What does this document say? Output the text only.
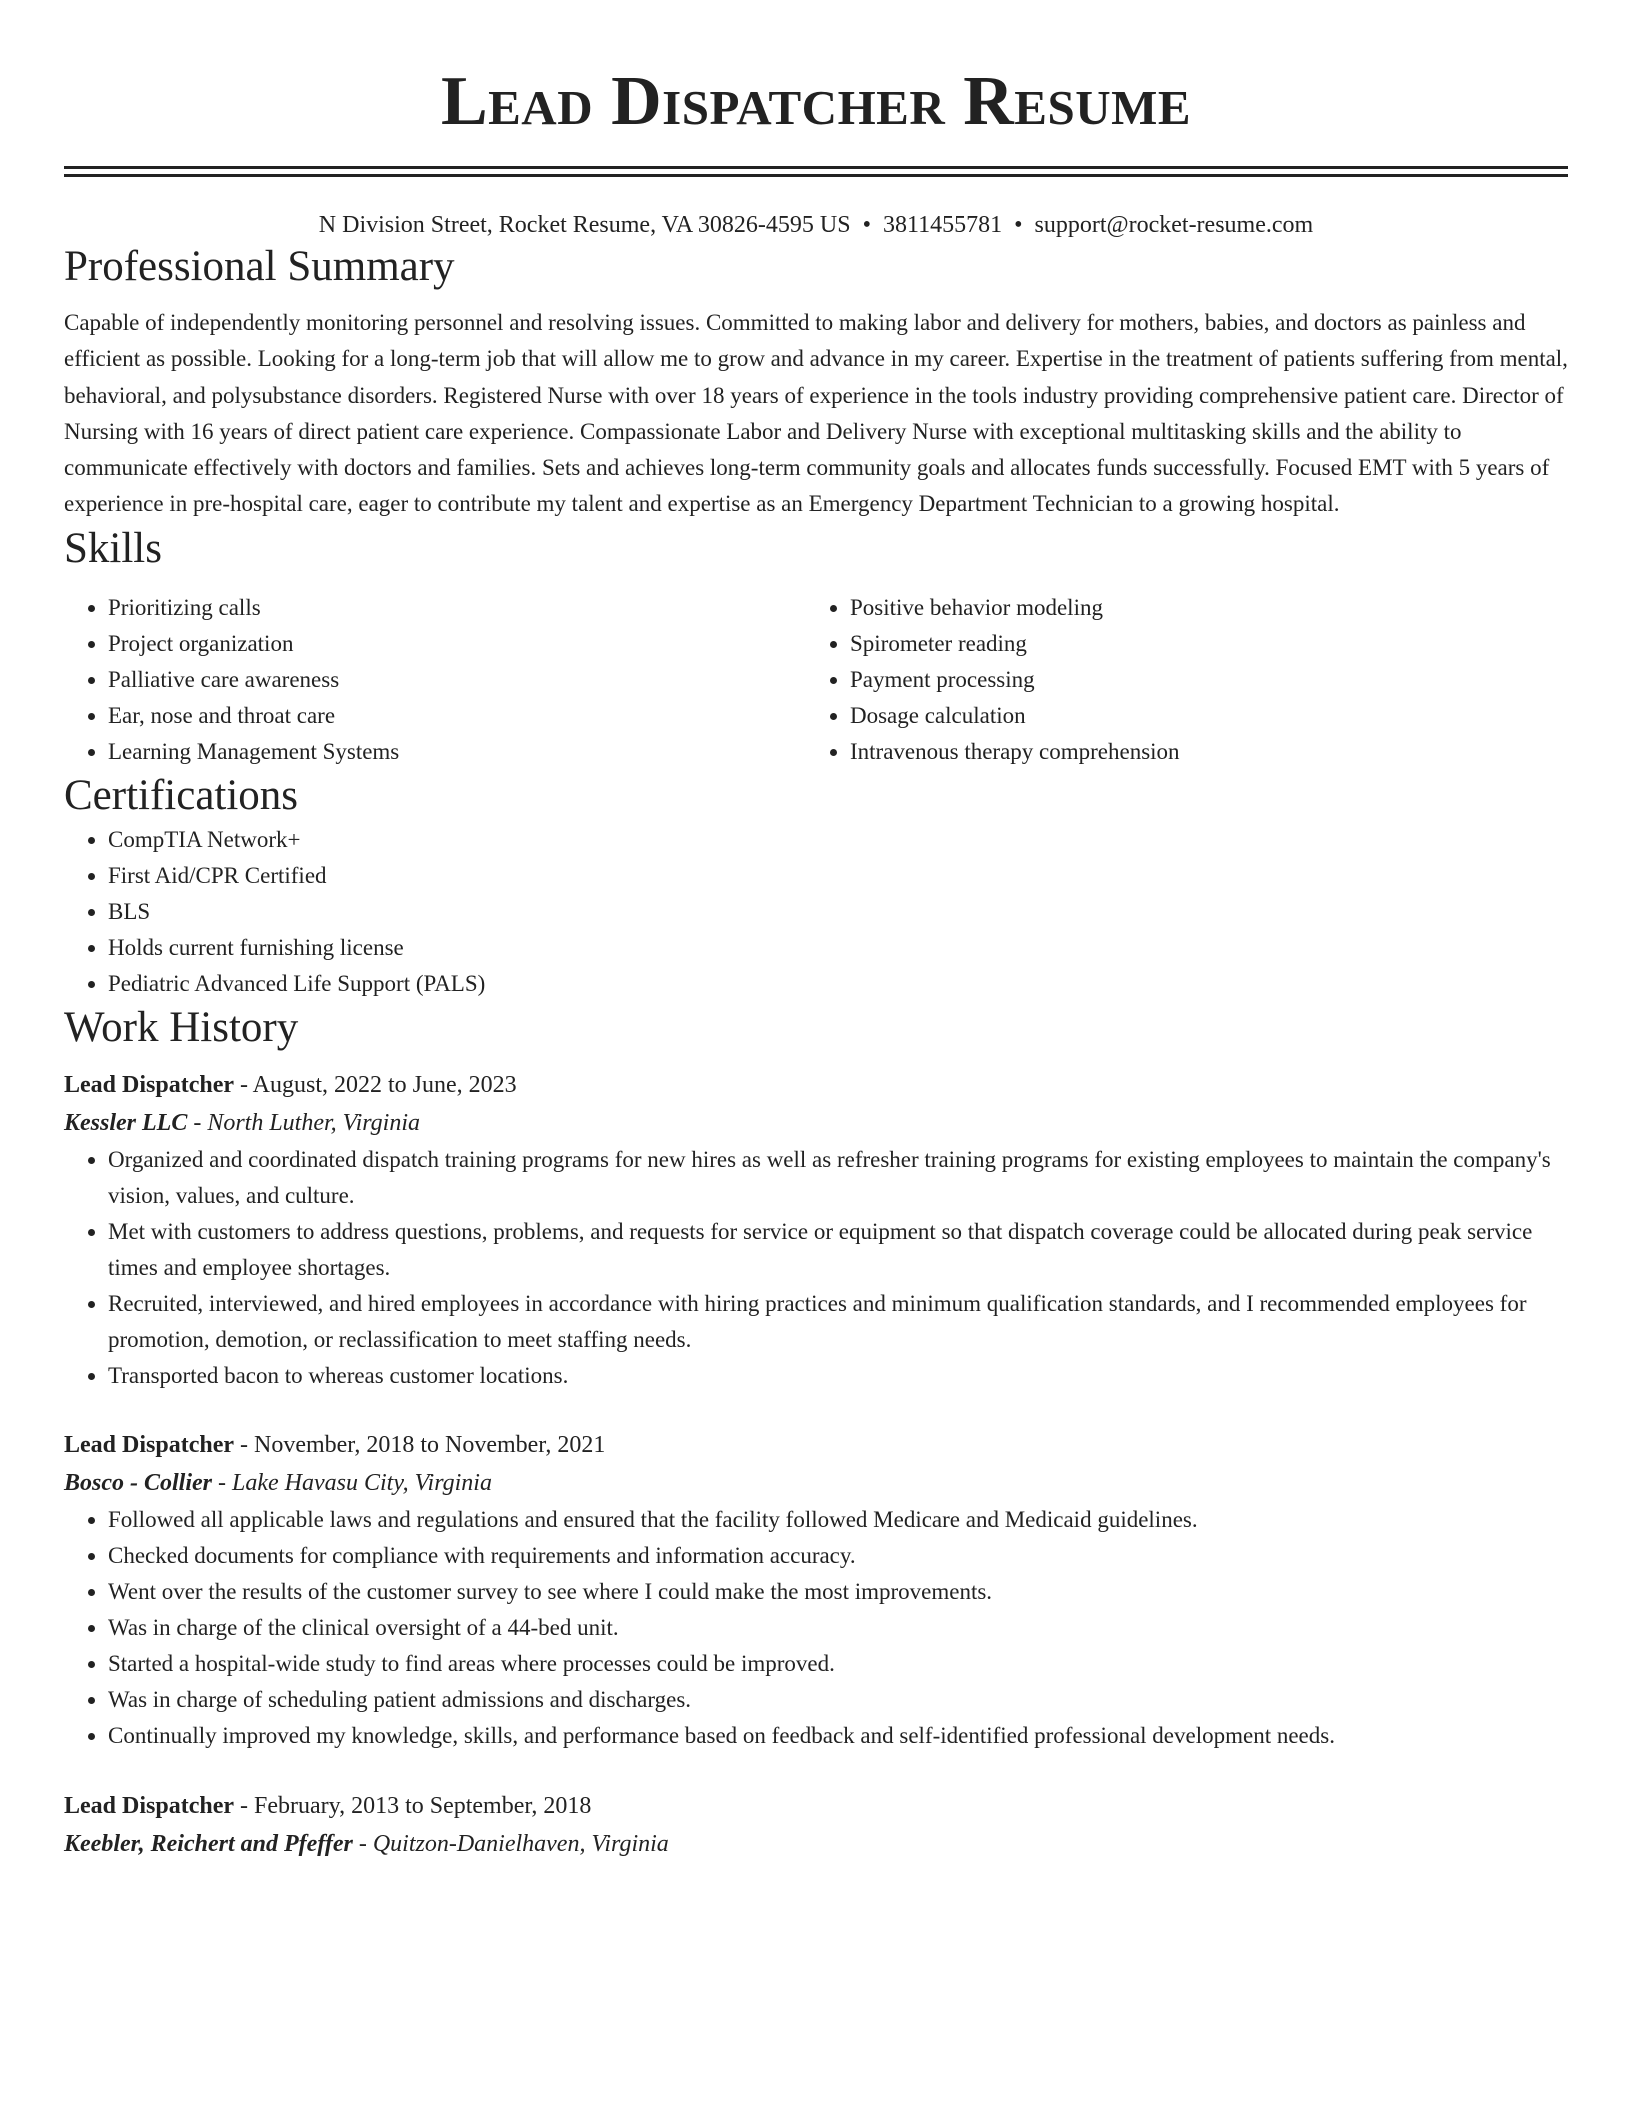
Lead Dispatcher Resume
N Division Street, Rocket Resume, VA 30826-4595 US • 3811455781 • support@rocket-resume.com
Professional Summary
Capable of independently monitoring personnel and resolving issues. Committed to making labor and delivery for mothers, babies, and doctors as painless and efficient as possible. Looking for a long-term job that will allow me to grow and advance in my career. Expertise in the treatment of patients suffering from mental, behavioral, and polysubstance disorders. Registered Nurse with over 18 years of experience in the tools industry providing comprehensive patient care. Director of Nursing with 16 years of direct patient care experience. Compassionate Labor and Delivery Nurse with exceptional multitasking skills and the ability to communicate effectively with doctors and families. Sets and achieves long-term community goals and allocates funds successfully. Focused EMT with 5 years of experience in pre-hospital care, eager to contribute my talent and expertise as an Emergency Department Technician to a growing hospital.
Skills
• Prioritizing calls
• Project organization
• Palliative care awareness
• Ear, nose and throat care
• Learning Management Systems
• Positive behavior modeling
• Spirometer reading
• Payment processing
• Dosage calculation
• Intravenous therapy comprehension
Certifications
• CompTIA Network+
• First Aid/CPR Certified
• BLS
• Holds current furnishing license
• Pediatric Advanced Life Support (PALS)
Work History
Lead Dispatcher - August, 2022 to June, 2023
Kessler LLC - North Luther, Virginia
• Organized and coordinated dispatch training programs for new hires as well as refresher training programs for existing employees to maintain the company's vision, values, and culture.
• Met with customers to address questions, problems, and requests for service or equipment so that dispatch coverage could be allocated during peak service times and employee shortages.
• Recruited, interviewed, and hired employees in accordance with hiring practices and minimum qualification standards, and I recommended employees for promotion, demotion, or reclassification to meet staffing needs.
• Transported bacon to whereas customer locations.
Lead Dispatcher - November, 2018 to November, 2021
Bosco - Collier - Lake Havasu City, Virginia
• Followed all applicable laws and regulations and ensured that the facility followed Medicare and Medicaid guidelines.
• Checked documents for compliance with requirements and information accuracy.
• Went over the results of the customer survey to see where I could make the most improvements.
• Was in charge of the clinical oversight of a 44-bed unit.
• Started a hospital-wide study to find areas where processes could be improved.
• Was in charge of scheduling patient admissions and discharges.
• Continually improved my knowledge, skills, and performance based on feedback and self-identified professional development needs.
Lead Dispatcher - February, 2013 to September, 2018
Keebler, Reichert and Pfeffer - Quitzon-Danielhaven, Virginia
